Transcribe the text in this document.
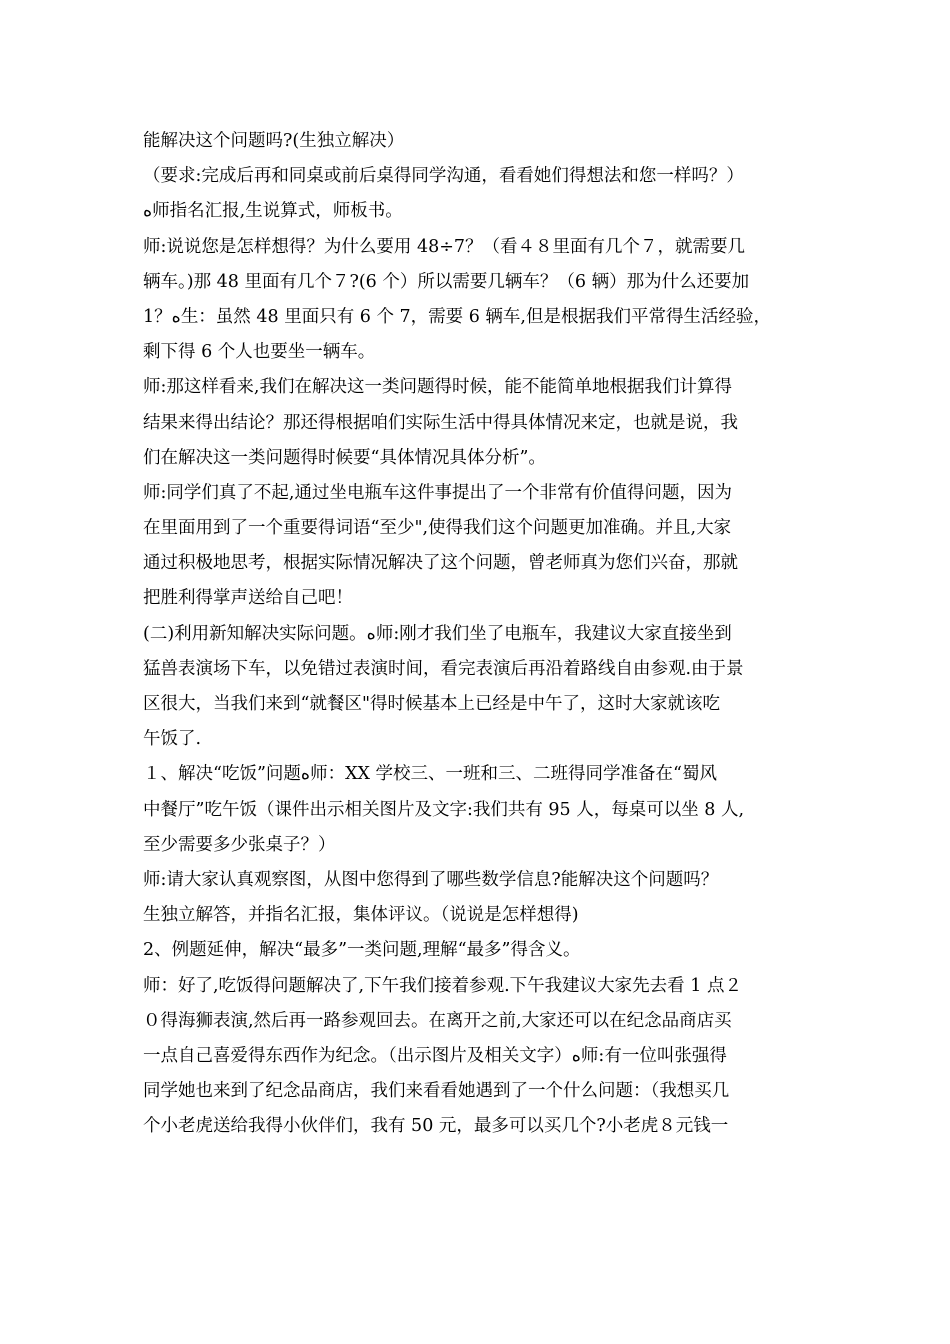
能解决这个问题吗?(生独立解决）
（要求:完成后再和同桌或前后桌得同学沟通，看看她们得想法和您一样吗？）
ﻩ师指名汇报,生说算式，师板书。
师:说说您是怎样想得？为什么要用 48÷7？（看４８里面有几个７，就需要几
辆车。)那 48 里面有几个７?(6 个）所以需要几辆车？（6 辆）那为什么还要加
1？ﻩ生：虽然 48 里面只有 6 个 7，需要 6 辆车,但是根据我们平常得生活经验，
剩下得 6 个人也要坐一辆车。
师:那这样看来,我们在解决这一类问题得时候，能不能简单地根据我们计算得
结果来得出结论？那还得根据咱们实际生活中得具体情况来定，也就是说，我
们在解决这一类问题得时候要“具体情况具体分析”。
师:同学们真了不起,通过坐电瓶车这件事提出了一个非常有价值得问题，因为
在里面用到了一个重要得词语“至少",使得我们这个问题更加准确。并且,大家
通过积极地思考，根据实际情况解决了这个问题，曾老师真为您们兴奋，那就
把胜利得掌声送给自己吧！
(二)利用新知解决实际问题。ﻩ师:刚才我们坐了电瓶车，我建议大家直接坐到
猛兽表演场下车，以免错过表演时间，看完表演后再沿着路线自由参观.由于景
区很大，当我们来到“就餐区"得时候基本上已经是中午了，这时大家就该吃
午饭了.
１、解决“吃饭”问题ﻩ师：XX 学校三、一班和三、二班得同学准备在“蜀风
中餐厅”吃午饭（课件出示相关图片及文字:我们共有 95 人，每桌可以坐 8 人,
至少需要多少张桌子？）
师:请大家认真观察图，从图中您得到了哪些数学信息?能解决这个问题吗？
生独立解答，并指名汇报，集体评议。（说说是怎样想得)
2、例题延伸，解决“最多”一类问题,理解“最多”得含义。
师：好了,吃饭得问题解决了,下午我们接着参观.下午我建议大家先去看 1 点２
０得海狮表演,然后再一路参观回去。在离开之前,大家还可以在纪念品商店买
一点自己喜爱得东西作为纪念。（出示图片及相关文字）ﻩ师:有一位叫张强得
同学她也来到了纪念品商店，我们来看看她遇到了一个什么问题：（我想买几
个小老虎送给我得小伙伴们，我有 50 元，最多可以买几个?小老虎８元钱一
